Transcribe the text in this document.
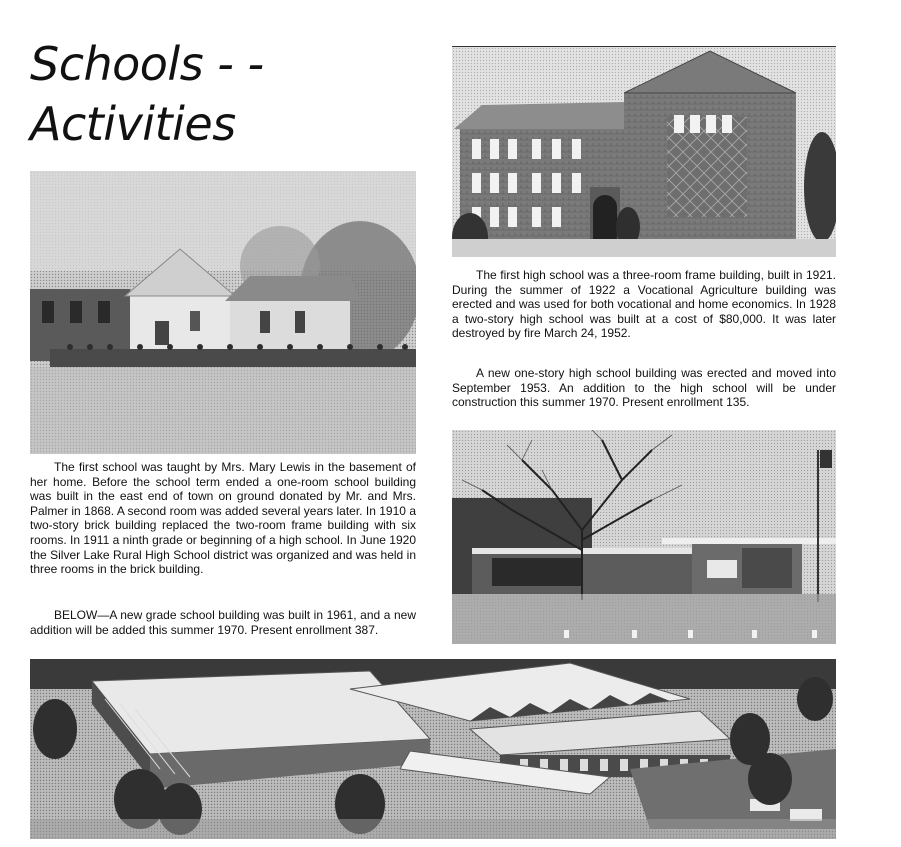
Schools - -
Activities

The first high school was a three-room frame building, built in 1921. During the summer of 1922 a Vocational Agriculture building was erected and was used for both vocational and home economics. In 1928 a two-story high school was built at a cost of $80,000. It was later destroyed by fire March 24, 1952.

A new one-story high school building was erected and moved into September 1953. An addition to the high school will be under construction this summer 1970. Present enrollment 135.

The first school was taught by Mrs. Mary Lewis in the basement of her home. Before the school term ended a one-room school building was built in the east end of town on ground donated by Mr. and Mrs. Palmer in 1868. A second room was added several years later. In 1910 a two-story brick building replaced the two-room frame building with six rooms. In 1911 a ninth grade or beginning of a high school. In June 1920 the Silver Lake Rural High School district was organized and was held in three rooms in the brick building.

BELOW—A new grade school building was built in 1961, and a new addition will be added this summer 1970. Present enrollment 387.
